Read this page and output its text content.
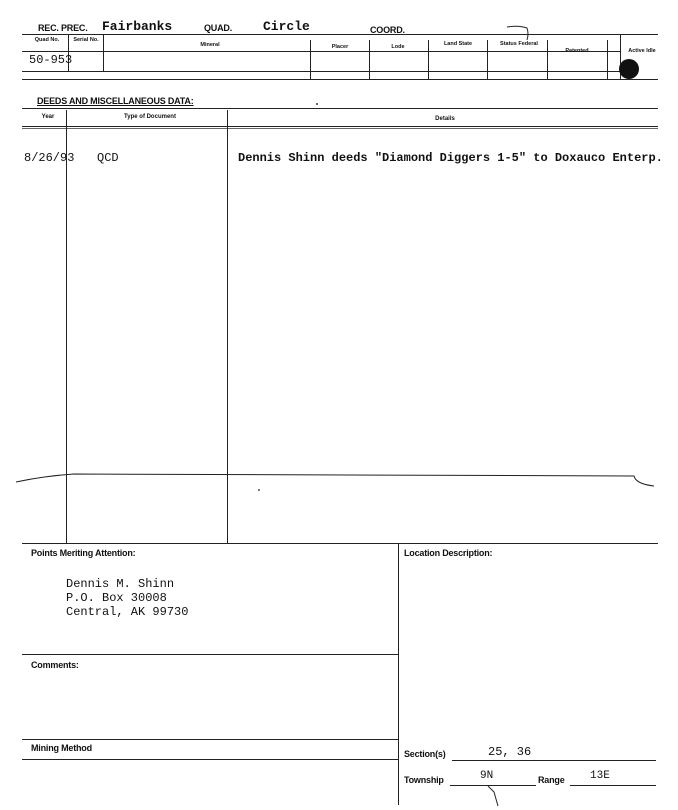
REC. PREC. Fairbanks	QUAD. Circle	COORD.
Quad No.	Serial No.
Mineral	Placer	Lode	Land State	Status Federal
Patented	Active Idle
50-953
DEEDS AND MISCELLANEOUS DATA:
Year	Type of Document	Details
8/26/93 QCD	Dennis Shinn deeds "Diamond Diggers 1-5" to Doxauco Enterp.
Points Meriting Attention:
Dennis M. Shinn
P.O. Box 30008
Central, AK 99730
Location Description:
Comments:
Mining Method
Section(s)	25, 36
Township	9N	Range 13E
